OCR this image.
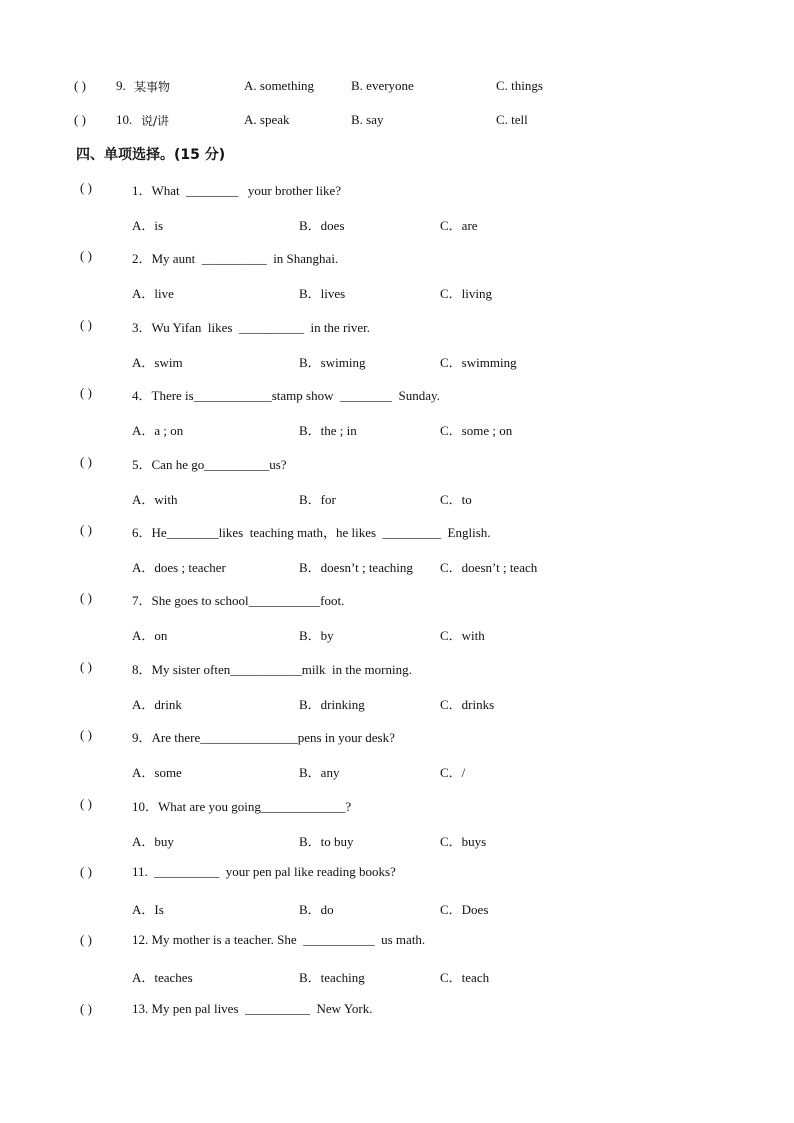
( ) 9. 某事物	A. something	B. everyone	C. things
( ) 10. 说/讲	A. speak	B. say	C. tell
四、单项选择。(15 分)
( )	1．What  ________   your brother like?
A．is	B．does	C．are
( )	2．My aunt  __________  in Shanghai.
A．live	B．lives	C．living
( )	3．Wu Yifan  likes  __________  in the river.
A．swim	B．swiming	C．swimming
( )	4．There is____________stamp show  ________  Sunday.
A．a ; on	B．the ; in	C．some ; on
( )	5．Can he go__________us?
A．with	B．for	C．to
( )	6．He________likes  teaching math，he likes  _________  English.
A．does ; teacher	B．doesn’t ; teaching C．doesn’t ; teach
( )	7．She goes to school___________foot.
A．on	B．by	C．with
( )	8．My sister often___________milk  in the morning.
A．drink	B．drinking	C．drinks
( )	9．Are there_______________pens in your desk?
A．some	B．any	C．/
( )	10．What are you going_____________?
A．buy	B．to buy	C．buys
( )	11.  __________  your pen pal like reading books?
A．Is	B．do	C．Does
( )	12. My mother is a teacher. She  ___________  us math.
A．teaches	B．teaching	C．teach
( )	13. My pen pal lives  __________  New York.
